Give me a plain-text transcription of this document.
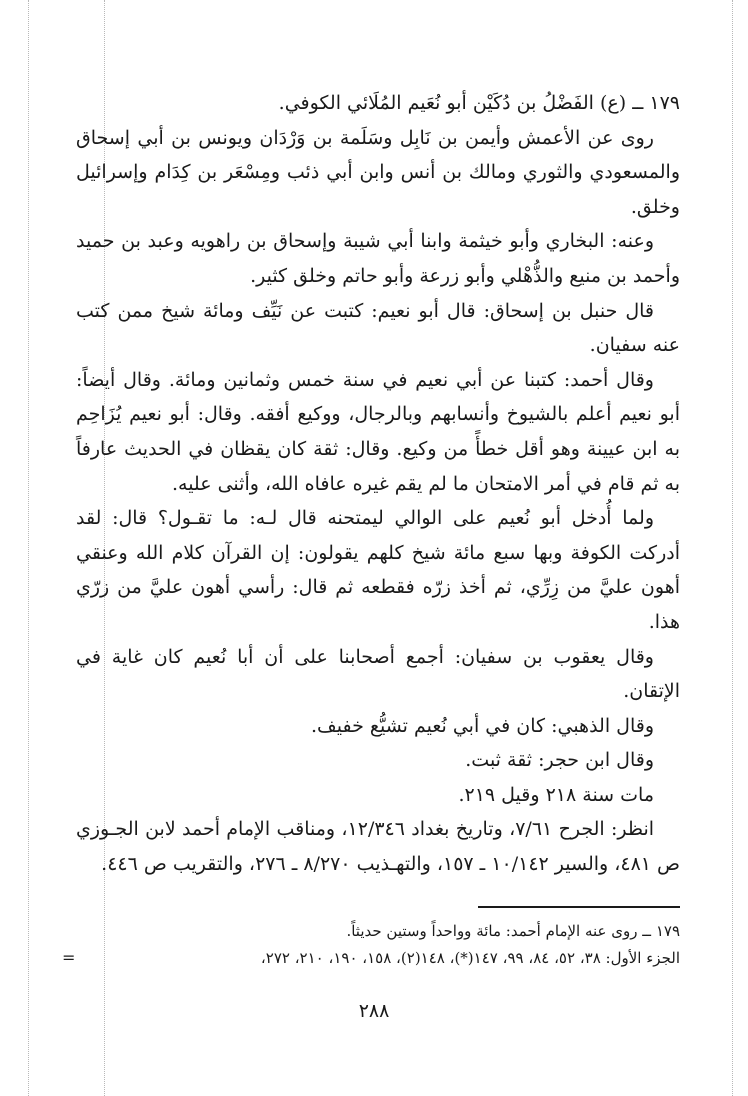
١٧٩ ــ (ع) الفَضْلُ بن دُكَيْن أبو نُعَيم المُلَائي الكوفي.

روى عن الأعمش وأيمن بن نَابِل وسَلَمة بن وَرْدَان ويونس بن أبي إسحاق والمسعودي والثوري ومالك بن أنس وابن أبي ذئب ومِسْعَر بن كِدَام وإسرائيل وخلق.

وعنه: البخاري وأبو خيثمة وابنا أبي شيبة وإسحاق بن راهويه وعبد بن حميد وأحمد بن منيع والذُّهْلي وأبو زرعة وأبو حاتم وخلق كثير.

قال حنبل بن إسحاق: قال أبو نعيم: كتبت عن نَيِّف ومائة شيخ ممن كتب عنه سفيان.

وقال أحمد: كتبنا عن أبي نعيم في سنة خمس وثمانين ومائة. وقال أيضاً: أبو نعيم أعلم بالشيوخ وأنسابهم وبالرجال، ووكيع أفقه. وقال: أبو نعيم يُزَاحِم به ابن عيينة وهو أقل خطأً من وكيع. وقال: ثقة كان يقظان في الحديث عارفاً به ثم قام في أمر الامتحان ما لم يقم غيره عافاه الله، وأثنى عليه.

ولما أُدخل أبو نُعيم على الوالي ليمتحنه قال لـه: ما تقـول؟ قال: لقد أدركت الكوفة وبها سبع مائة شيخ كلهم يقولون: إن القرآن كلام الله وعنقي أهون عليَّ من زِرِّي، ثم أخذ زرّه فقطعه ثم قال: رأسي أهون عليَّ من زرّي هذا.

وقال يعقوب بن سفيان: أجمع أصحابنا على أن أبا نُعيم كان غاية في الإتقان.

وقال الذهبي: كان في أبي نُعيم تشيُّع خفيف.

وقال ابن حجر: ثقة ثبت.

مات سنة ٢١٨ وقيل ٢١٩.

انظر: الجرح ٧/٦١، وتاريخ بغداد ١٢/٣٤٦، ومناقب الإمام أحمد لابن الجـوزي ص ٤٨١، والسير ١٠/١٤٢ ـ ١٥٧، والتهـذيب ٨/٢٧٠ ـ ٢٧٦، والتقريب ص ٤٤٦.

١٧٩ ــ روى عنه الإمام أحمد: مائة وواحداً وستين حديثاً.

الجزء الأول: ٣٨، ٥٢، ٨٤، ٩٩، ١٤٧(*)، ١٤٨(٢)، ١٥٨، ١٩٠، ٢١٠، ٢٧٢،

=
٢٨٨
